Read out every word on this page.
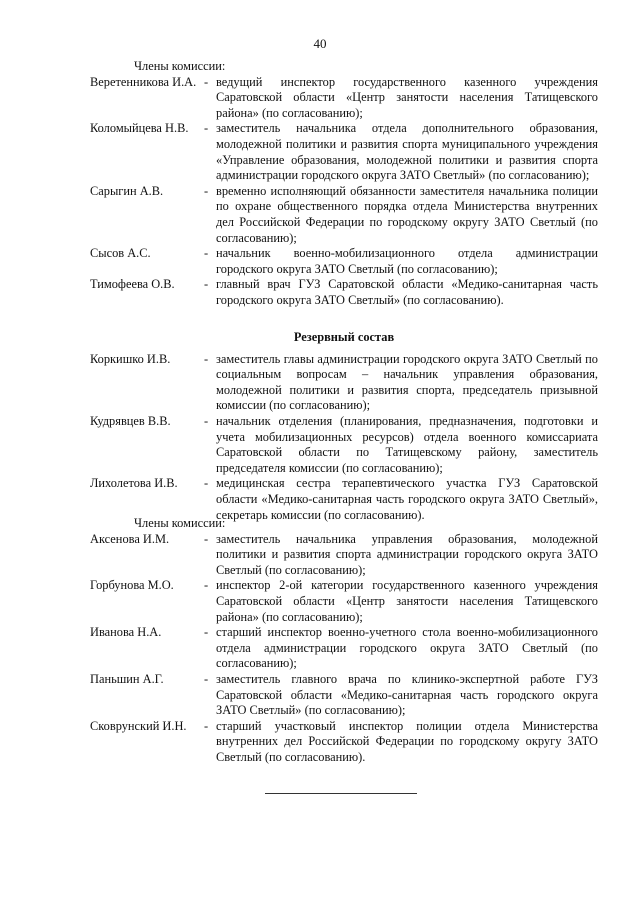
40
Члены комиссии:
Веретенникова И.А. - ведущий инспектор государственного казенного учреждения Саратовской области «Центр занятости населения Татищевского района» (по согласованию);
Коломыйцева Н.В.	- заместитель начальника отдела дополнительного образования, молодежной политики и развития спорта муниципального учреждения «Управление образования, молодежной политики и развития спорта администрации городского округа ЗАТО Светлый» (по согласованию);
Сарыгин А.В.	- временно исполняющий обязанности заместителя начальника полиции по охране общественного порядка отдела Министерства внутренних дел Российской Федерации по городскому округу ЗАТО Светлый (по согласованию);
Сысов А.С.	- начальник военно-мобилизационного отдела администрации городского округа ЗАТО Светлый (по согласованию);
Тимофеева О.В.	- главный врач ГУЗ Саратовской области «Медико-санитарная часть городского округа ЗАТО Светлый» (по согласованию).
Резервный состав
Коркишко И.В.	- заместитель главы администрации городского округа ЗАТО Светлый по социальным вопросам – начальник управления образования, молодежной политики и развития спорта, председатель призывной комиссии (по согласованию);
Кудрявцев В.В.	- начальник отделения (планирования, предназначения, подготовки и учета мобилизационных ресурсов) отдела военного комиссариата Саратовской области по Татищевскому району, заместитель председателя комиссии (по согласованию);
Лихолетова И.В.	- медицинская сестра терапевтического участка ГУЗ Саратовской области «Медико-санитарная часть городского округа ЗАТО Светлый», секретарь комиссии (по согласованию).
Члены комиссии:
Аксенова И.М.	- заместитель начальника управления образования, молодежной политики и развития спорта администрации городского округа ЗАТО Светлый (по согласованию);
Горбунова М.О.	- инспектор 2-ой категории государственного казенного учреждения Саратовской области «Центр занятости населения Татищевского района» (по согласованию);
Иванова Н.А.	- старший инспектор военно-учетного стола военно-мобилизационного отдела администрации городского округа ЗАТО Светлый (по согласованию);
Паньшин А.Г.	- заместитель главного врача по клинико-экспертной работе ГУЗ Саратовской области «Медико-санитарная часть городского округа ЗАТО Светлый» (по согласованию);
Сковрунский И.Н.	- старший участковый инспектор полиции отдела Министерства внутренних дел Российской Федерации по городскому округу ЗАТО Светлый (по согласованию).
